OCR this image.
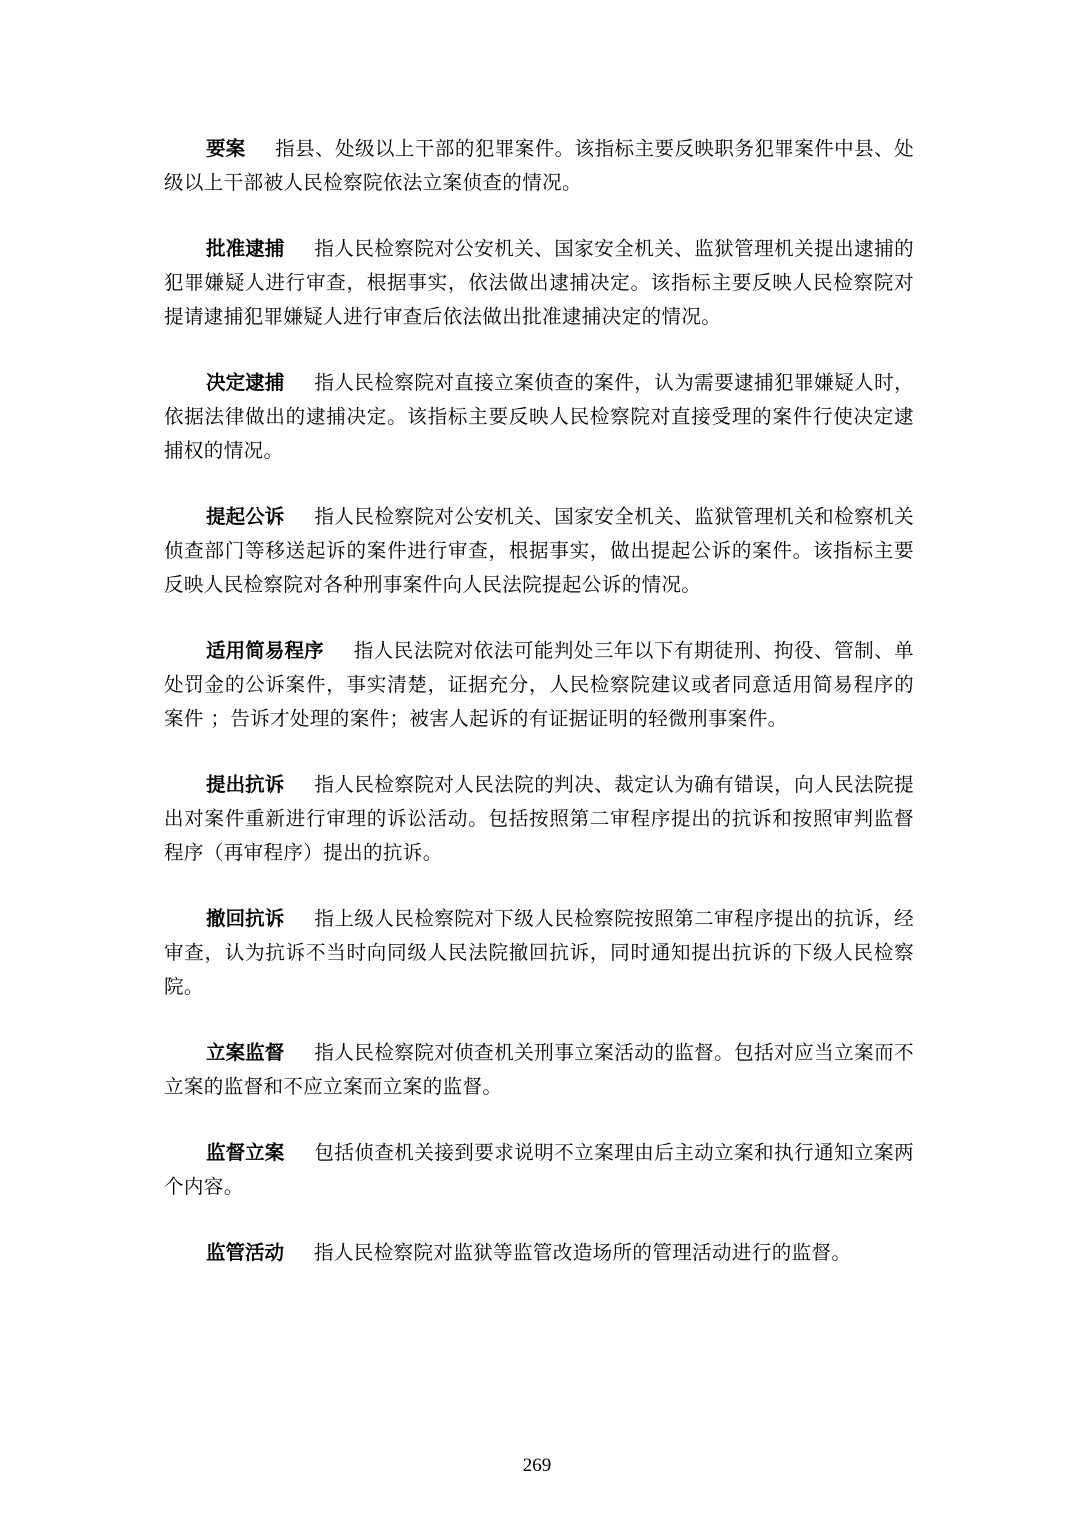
要案 指县、处级以上干部的犯罪案件。该指标主要反映职务犯罪案件中县、处级以上干部被人民检察院依法立案侦查的情况。

批准逮捕 指人民检察院对公安机关、国家安全机关、监狱管理机关提出逮捕的犯罪嫌疑人进行审查，根据事实，依法做出逮捕决定。该指标主要反映人民检察院对提请逮捕犯罪嫌疑人进行审查后依法做出批准逮捕决定的情况。

决定逮捕 指人民检察院对直接立案侦查的案件，认为需要逮捕犯罪嫌疑人时，依据法律做出的逮捕决定。该指标主要反映人民检察院对直接受理的案件行使决定逮捕权的情况。

提起公诉 指人民检察院对公安机关、国家安全机关、监狱管理机关和检察机关侦查部门等移送起诉的案件进行审查，根据事实，做出提起公诉的案件。该指标主要反映人民检察院对各种刑事案件向人民法院提起公诉的情况。

适用简易程序 指人民法院对依法可能判处三年以下有期徒刑、拘役、管制、单处罚金的公诉案件，事实清楚，证据充分，人民检察院建议或者同意适用简易程序的案件 ；告诉才处理的案件；被害人起诉的有证据证明的轻微刑事案件。

提出抗诉 指人民检察院对人民法院的判决、裁定认为确有错误，向人民法院提出对案件重新进行审理的诉讼活动。包括按照第二审程序提出的抗诉和按照审判监督程序（再审程序）提出的抗诉。

撤回抗诉 指上级人民检察院对下级人民检察院按照第二审程序提出的抗诉，经审查，认为抗诉不当时向同级人民法院撤回抗诉，同时通知提出抗诉的下级人民检察院。

立案监督 指人民检察院对侦查机关刑事立案活动的监督。包括对应当立案而不立案的监督和不应立案而立案的监督。

监督立案 包括侦查机关接到要求说明不立案理由后主动立案和执行通知立案两个内容。

监管活动 指人民检察院对监狱等监管改造场所的管理活动进行的监督。

269
